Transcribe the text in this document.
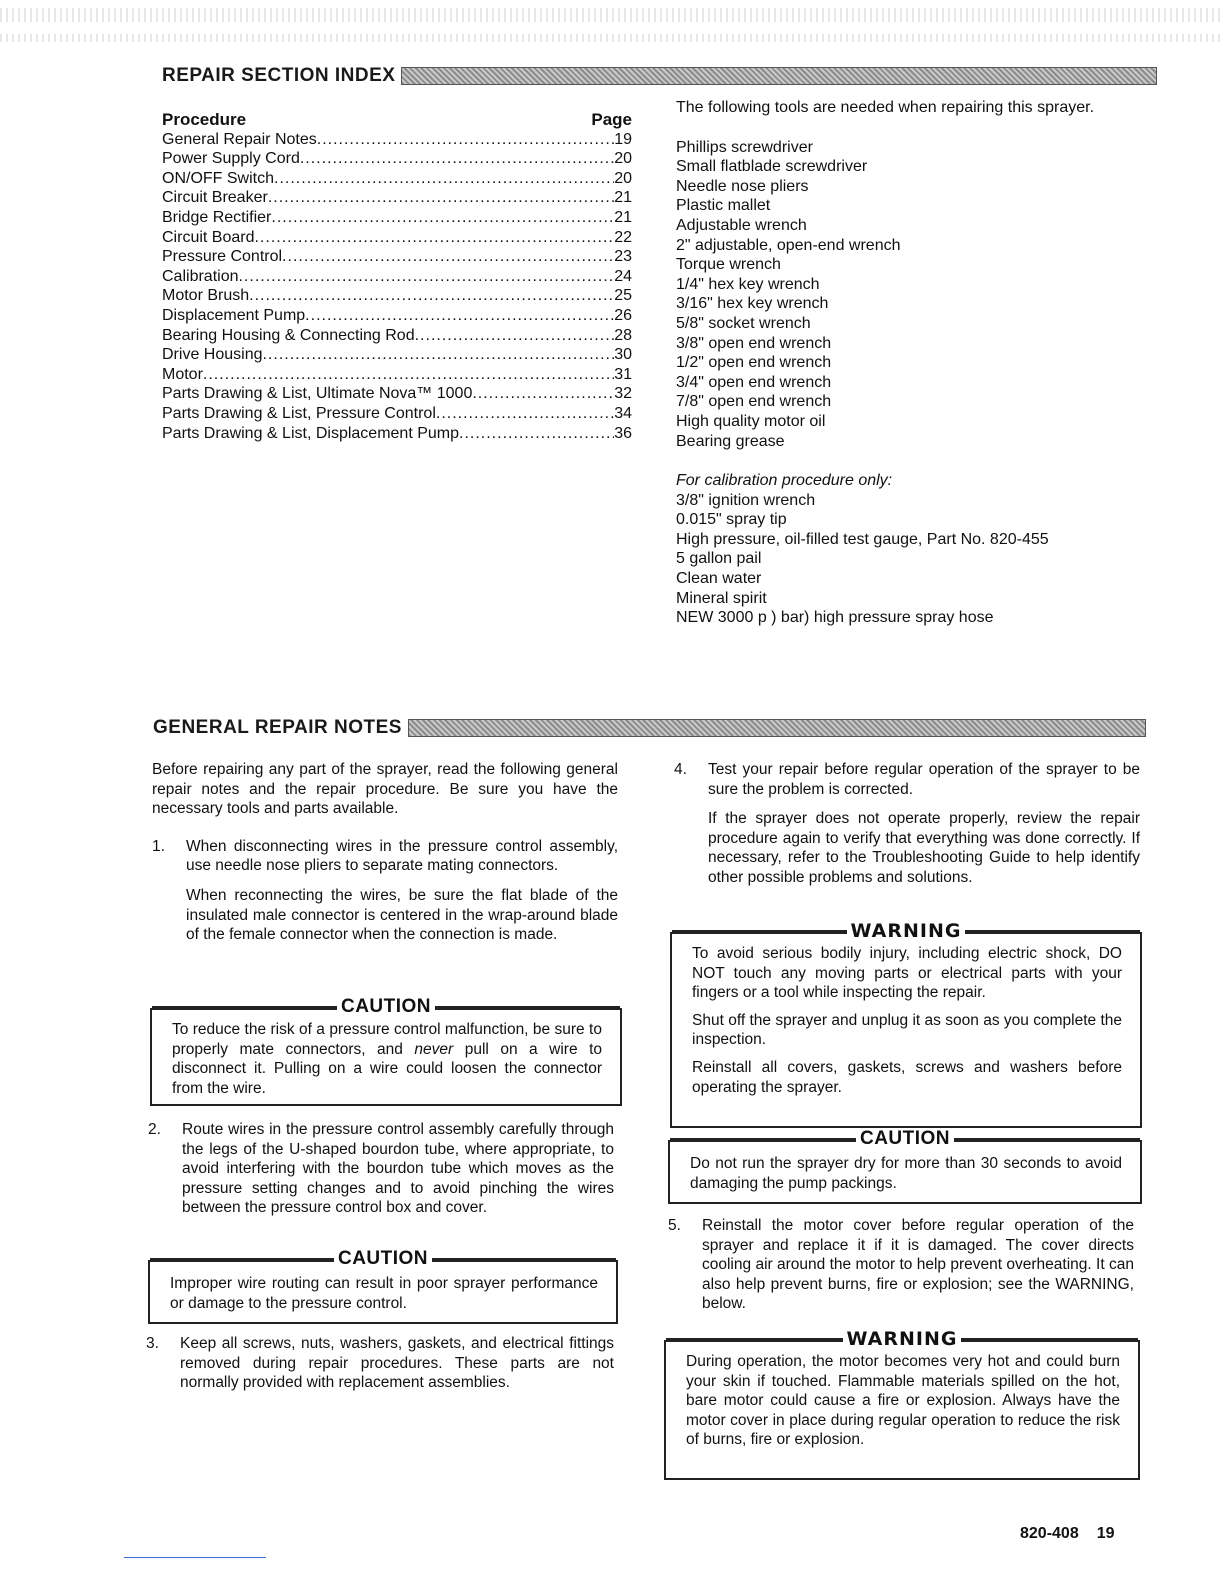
REPAIR SECTION INDEX
Procedure	Page
General Repair Notes .....	19
Power Supply Cord .....	20
ON/OFF Switch .....	20
Circuit Breaker .....	21
Bridge Rectifier .....	21
Circuit Board .....	22
Pressure Control .....	23
Calibration .....	24
Motor Brush .....	25
Displacement Pump .....	26
Bearing Housing & Connecting Rod .....	28
Drive Housing .....	30
Motor .....	31
Parts Drawing & List, Ultimate Nova™ 1000 .....	32
Parts Drawing & List, Pressure Control .....	34
Parts Drawing & List, Displacement Pump .....	36

The following tools are needed when repairing this sprayer.

Phillips screwdriver
Small flatblade screwdriver
Needle nose pliers
Plastic mallet
Adjustable wrench
2" adjustable, open-end wrench
Torque wrench
1/4" hex key wrench
3/16" hex key wrench
5/8" socket wrench
3/8" open end wrench
1/2" open end wrench
3/4" open end wrench
7/8" open end wrench
High quality motor oil
Bearing grease
For calibration procedure only:
3/8" ignition wrench
0.015" spray tip
High pressure, oil-filled test gauge, Part No. 820-455
5 gallon pail
Clean water
Mineral spirit
NEW 3000 p ) bar) high pressure spray hose
GENERAL REPAIR NOTES

Before repairing any part of the sprayer, read the following general repair notes and the repair procedure. Be sure you have the necessary tools and parts available.

1. When disconnecting wires in the pressure control assembly, use needle nose pliers to separate mating connectors.

When reconnecting the wires, be sure the flat blade of the insulated male connector is centered in the wrap-around blade of the female connector when the connection is made.

CAUTION
To reduce the risk of a pressure control malfunction, be sure to properly mate connectors, and never pull on a wire to disconnect it. Pulling on a wire could loosen the connector from the wire.
2. Route wires in the pressure control assembly carefully through the legs of the U-shaped bourdon tube, where appropriate, to avoid interfering with the bourdon tube which moves as the pressure setting changes and to avoid pinching the wires between the pressure control box and cover.

CAUTION
Improper wire routing can result in poor sprayer performance or damage to the pressure control.
3. Keep all screws, nuts, washers, gaskets, and electrical fittings removed during repair procedures. These parts are not normally provided with replacement assemblies.

4. Test your repair before regular operation of the sprayer to be sure the problem is corrected.

If the sprayer does not operate properly, review the repair procedure again to verify that everything was done correctly. If necessary, refer to the Troubleshooting Guide to help identify other possible problems and solutions.

WARNING

To avoid serious bodily injury, including electric shock, DO NOT touch any moving parts or electrical parts with your fingers or a tool while inspecting the repair.

Shut off the sprayer and unplug it as soon as you complete the inspection.

Reinstall all covers, gaskets, screws and washers before operating the sprayer.

CAUTION
Do not run the sprayer dry for more than 30 seconds to avoid damaging the pump packings.
5. Reinstall the motor cover before regular operation of the sprayer and replace it if it is damaged. The cover directs cooling air around the motor to help prevent overheating. It can also help prevent burns, fire or explosion; see the WARNING, below.

WARNING
During operation, the motor becomes very hot and could burn your skin if touched. Flammable materials spilled on the hot, bare motor could cause a fire or explosion. Always have the motor cover in place during regular operation to reduce the risk of burns, fire or explosion.
820-408 19
